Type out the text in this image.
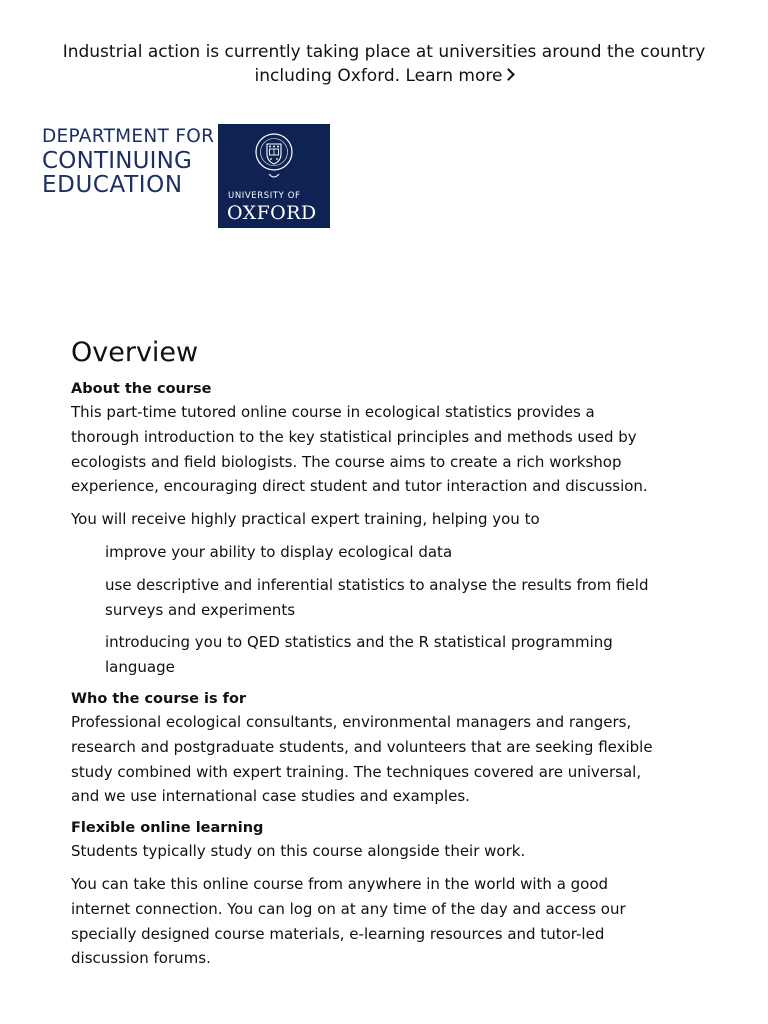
Industrial action is currently taking place at universities around the country including Oxford. Learn more
DEPARTMENT FOR
CONTINUING
EDUCATION	UNIVERSITY OF
OXFORD
Overview
About the course

This part-time tutored online course in ecological statistics provides a thorough introduction to the key statistical principles and methods used by ecologists and field biologists. The course aims to create a rich workshop experience, encouraging direct student and tutor interaction and discussion.

You will receive highly practical expert training, helping you to

improve your ability to display ecological data
use descriptive and inferential statistics to analyse the results from field surveys and experiments
introducing you to QED statistics and the R statistical programming language
Who the course is for

Professional ecological consultants, environmental managers and rangers, research and postgraduate students, and volunteers that are seeking flexible study combined with expert training. The techniques covered are universal, and we use international case studies and examples.

Flexible online learning

Students typically study on this course alongside their work.

You can take this online course from anywhere in the world with a good internet connection. You can log on at any time of the day and access our specially designed course materials, e-learning resources and tutor-led discussion forums.
